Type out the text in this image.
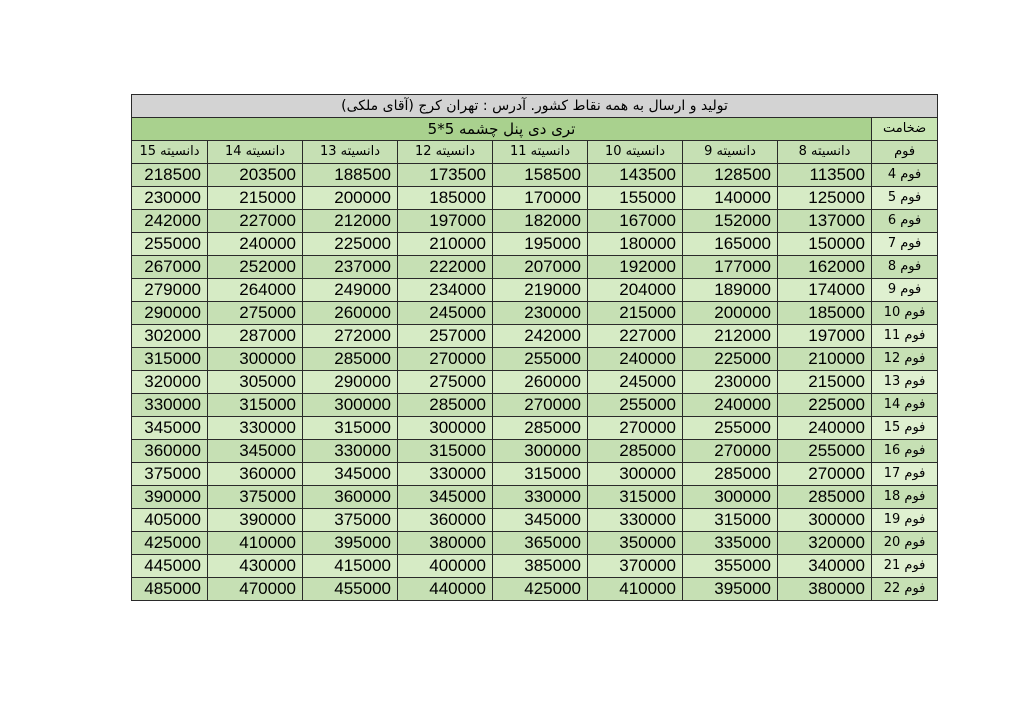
تولید و ارسال به همه نقاط کشور. آدرس : تهران کرج (آقای ملکی)								
تری دی پنل چشمه 5*5								ضخامت
دانسیته 15	دانسیته 14	دانسیته 13	دانسیته 12	دانسیته 11	دانسیته 10	دانسیته 9	دانسیته 8	فوم
218500	203500	188500	173500	158500	143500	128500	113500	فوم 4
230000	215000	200000	185000	170000	155000	140000	125000	فوم 5
242000	227000	212000	197000	182000	167000	152000	137000	فوم 6
255000	240000	225000	210000	195000	180000	165000	150000	فوم 7
267000	252000	237000	222000	207000	192000	177000	162000	فوم 8
279000	264000	249000	234000	219000	204000	189000	174000	فوم 9
290000	275000	260000	245000	230000	215000	200000	185000	فوم 10
302000	287000	272000	257000	242000	227000	212000	197000	فوم 11
315000	300000	285000	270000	255000	240000	225000	210000	فوم 12
320000	305000	290000	275000	260000	245000	230000	215000	فوم 13
330000	315000	300000	285000	270000	255000	240000	225000	فوم 14
345000	330000	315000	300000	285000	270000	255000	240000	فوم 15
360000	345000	330000	315000	300000	285000	270000	255000	فوم 16
375000	360000	345000	330000	315000	300000	285000	270000	فوم 17
390000	375000	360000	345000	330000	315000	300000	285000	فوم 18
405000	390000	375000	360000	345000	330000	315000	300000	فوم 19
425000	410000	395000	380000	365000	350000	335000	320000	فوم 20
445000	430000	415000	400000	385000	370000	355000	340000	فوم 21
485000	470000	455000	440000	425000	410000	395000	380000	فوم 22
